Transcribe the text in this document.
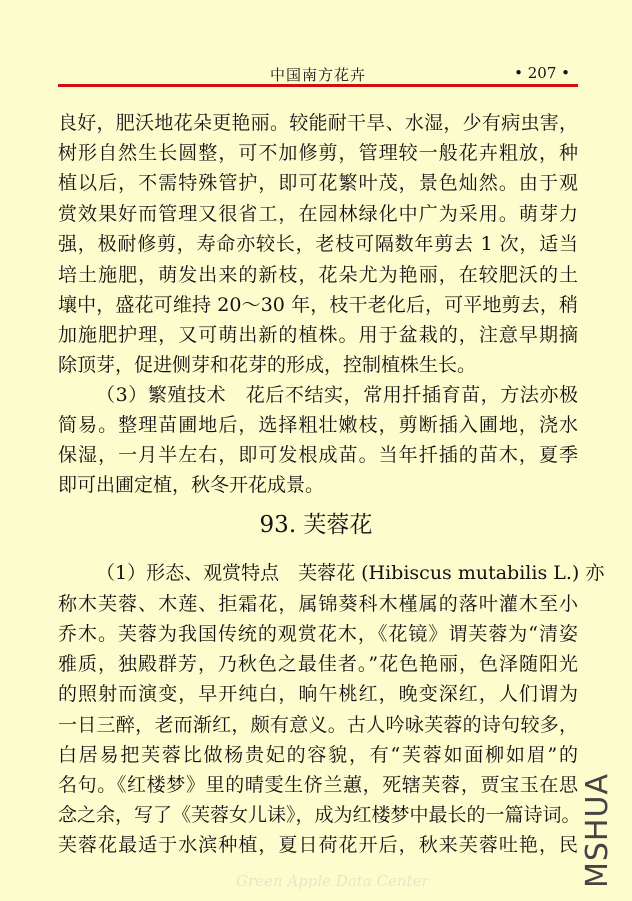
中国南方花卉	• 207 •
良好，肥沃地花朵更艳丽。较能耐干旱、水湿，少有病虫害，
树形自然生长圆整，可不加修剪，管理较一般花卉粗放，种
植以后，不需特殊管护，即可花繁叶茂，景色灿然。由于观
赏效果好而管理又很省工，在园林绿化中广为采用。萌芽力
强，极耐修剪，寿命亦较长，老枝可隔数年剪去 1 次，适当
培土施肥，萌发出来的新枝，花朵尤为艳丽，在较肥沃的土
壤中，盛花可维持 20～30 年，枝干老化后，可平地剪去，稍
加施肥护理，又可萌出新的植株。用于盆栽的，注意早期摘
除顶芽，促进侧芽和花芽的形成，控制植株生长。
（3）繁殖技术　花后不结实，常用扦插育苗，方法亦极
简易。整理苗圃地后，选择粗壮嫩枝，剪断插入圃地，浇水
保湿，一月半左右，即可发根成苗。当年扦插的苗木，夏季
即可出圃定植，秋冬开花成景。
93. 芙蓉花
（1）形态、观赏特点　芙蓉花 (Hibiscus mutabilis L.) 亦
称木芙蓉、木莲、拒霜花，属锦葵科木槿属的落叶灌木至小
乔木。芙蓉为我国传统的观赏花木，《花镜》谓芙蓉为“清姿
雅质，独殿群芳，乃秋色之最佳者。”花色艳丽，色泽随阳光
的照射而演变，早开纯白，晌午桃红，晚变深红，人们谓为
一日三醉，老而渐红，颇有意义。古人吟咏芙蓉的诗句较多，
白居易把芙蓉比做杨贵妃的容貌，有“芙蓉如面柳如眉”的
名句。《红楼梦》里的晴雯生侪兰蕙，死辖芙蓉，贾宝玉在思
念之余，写了《芙蓉女儿诔》，成为红楼梦中最长的一篇诗词。
芙蓉花最适于水滨种植，夏日荷花开后，秋来芙蓉吐艳，民
Green Apple Data Center	MSHUA
